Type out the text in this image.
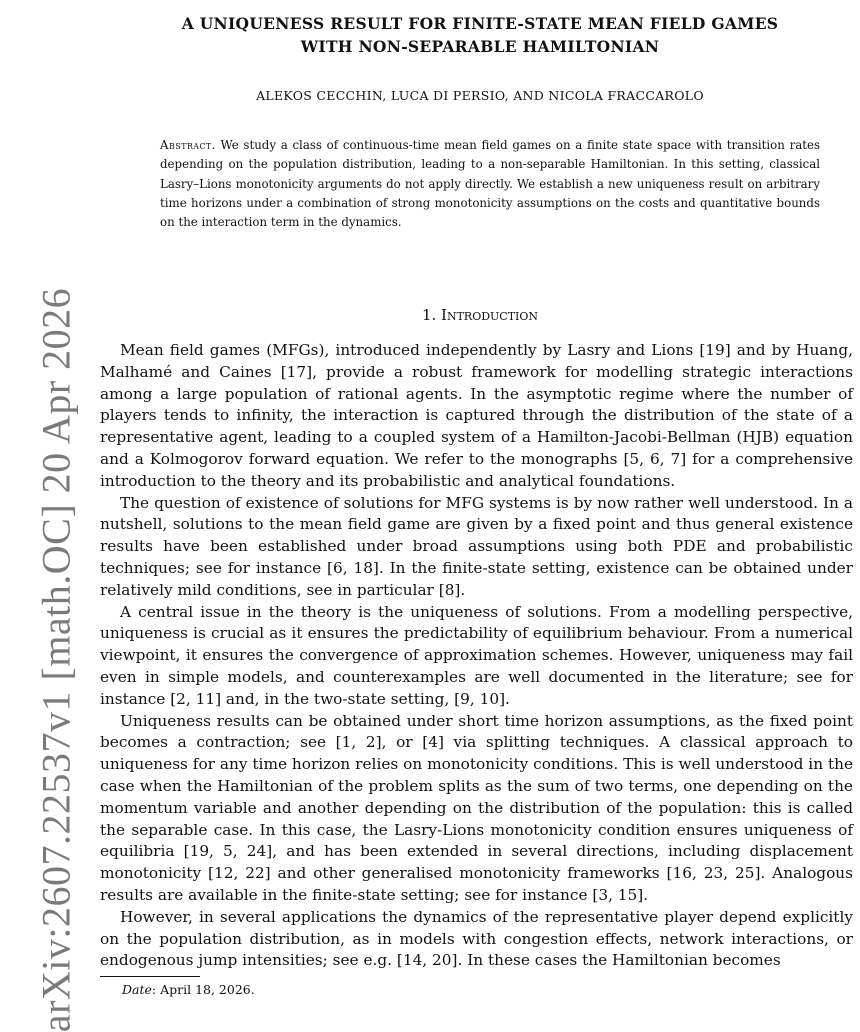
arXiv:2607.22537v1 [math.OC] 20 Apr 2026
A UNIQUENESS RESULT FOR FINITE-STATE MEAN FIELD GAMES
WITH NON-SEPARABLE HAMILTONIAN
ALEKOS CECCHIN, LUCA DI PERSIO, AND NICOLA FRACCAROLO

Abstract. We study a class of continuous-time mean field games on a finite state space with transition rates depending on the population distribution, leading to a non-separable Hamiltonian. In this setting, classical Lasry–Lions monotonicity arguments do not apply directly. We establish a new uniqueness result on arbitrary time horizons under a combination of strong monotonicity assumptions on the costs and quantitative bounds on the interaction term in the dynamics.

1. Introduction

Mean field games (MFGs), introduced independently by Lasry and Lions [19] and by Huang, Malhamé and Caines [17], provide a robust framework for modelling strategic interactions among a large population of rational agents. In the asymptotic regime where the number of players tends to infinity, the interaction is captured through the distribution of the state of a representative agent, leading to a coupled system of a Hamilton-Jacobi-Bellman (HJB) equation and a Kolmogorov forward equation. We refer to the monographs [5, 6, 7] for a comprehensive introduction to the theory and its probabilistic and analytical foundations.

The question of existence of solutions for MFG systems is by now rather well understood. In a nutshell, solutions to the mean field game are given by a fixed point and thus general existence results have been established under broad assumptions using both PDE and probabilistic techniques; see for instance [6, 18]. In the finite-state setting, existence can be obtained under relatively mild conditions, see in particular [8].

A central issue in the theory is the uniqueness of solutions. From a modelling perspective, uniqueness is crucial as it ensures the predictability of equilibrium behaviour. From a numerical viewpoint, it ensures the convergence of approximation schemes. However, uniqueness may fail even in simple models, and counterexamples are well documented in the literature; see for instance [2, 11] and, in the two-state setting, [9, 10].

Uniqueness results can be obtained under short time horizon assumptions, as the fixed point becomes a contraction; see [1, 2], or [4] via splitting techniques. A classical approach to uniqueness for any time horizon relies on monotonicity conditions. This is well understood in the case when the Hamiltonian of the problem splits as the sum of two terms, one depending on the momentum variable and another depending on the distribution of the population: this is called the separable case. In this case, the Lasry-Lions monotonicity condition ensures uniqueness of equilibria [19, 5, 24], and has been extended in several directions, including displacement monotonicity [12, 22] and other generalised monotonicity frameworks [16, 23, 25]. Analogous results are available in the finite-state setting; see for instance [3, 15].

However, in several applications the dynamics of the representative player depend explicitly on the population distribution, as in models with congestion effects, network interactions, or endogenous jump intensities; see e.g. [14, 20]. In these cases the Hamiltonian becomes

Date: April 18, 2026.
